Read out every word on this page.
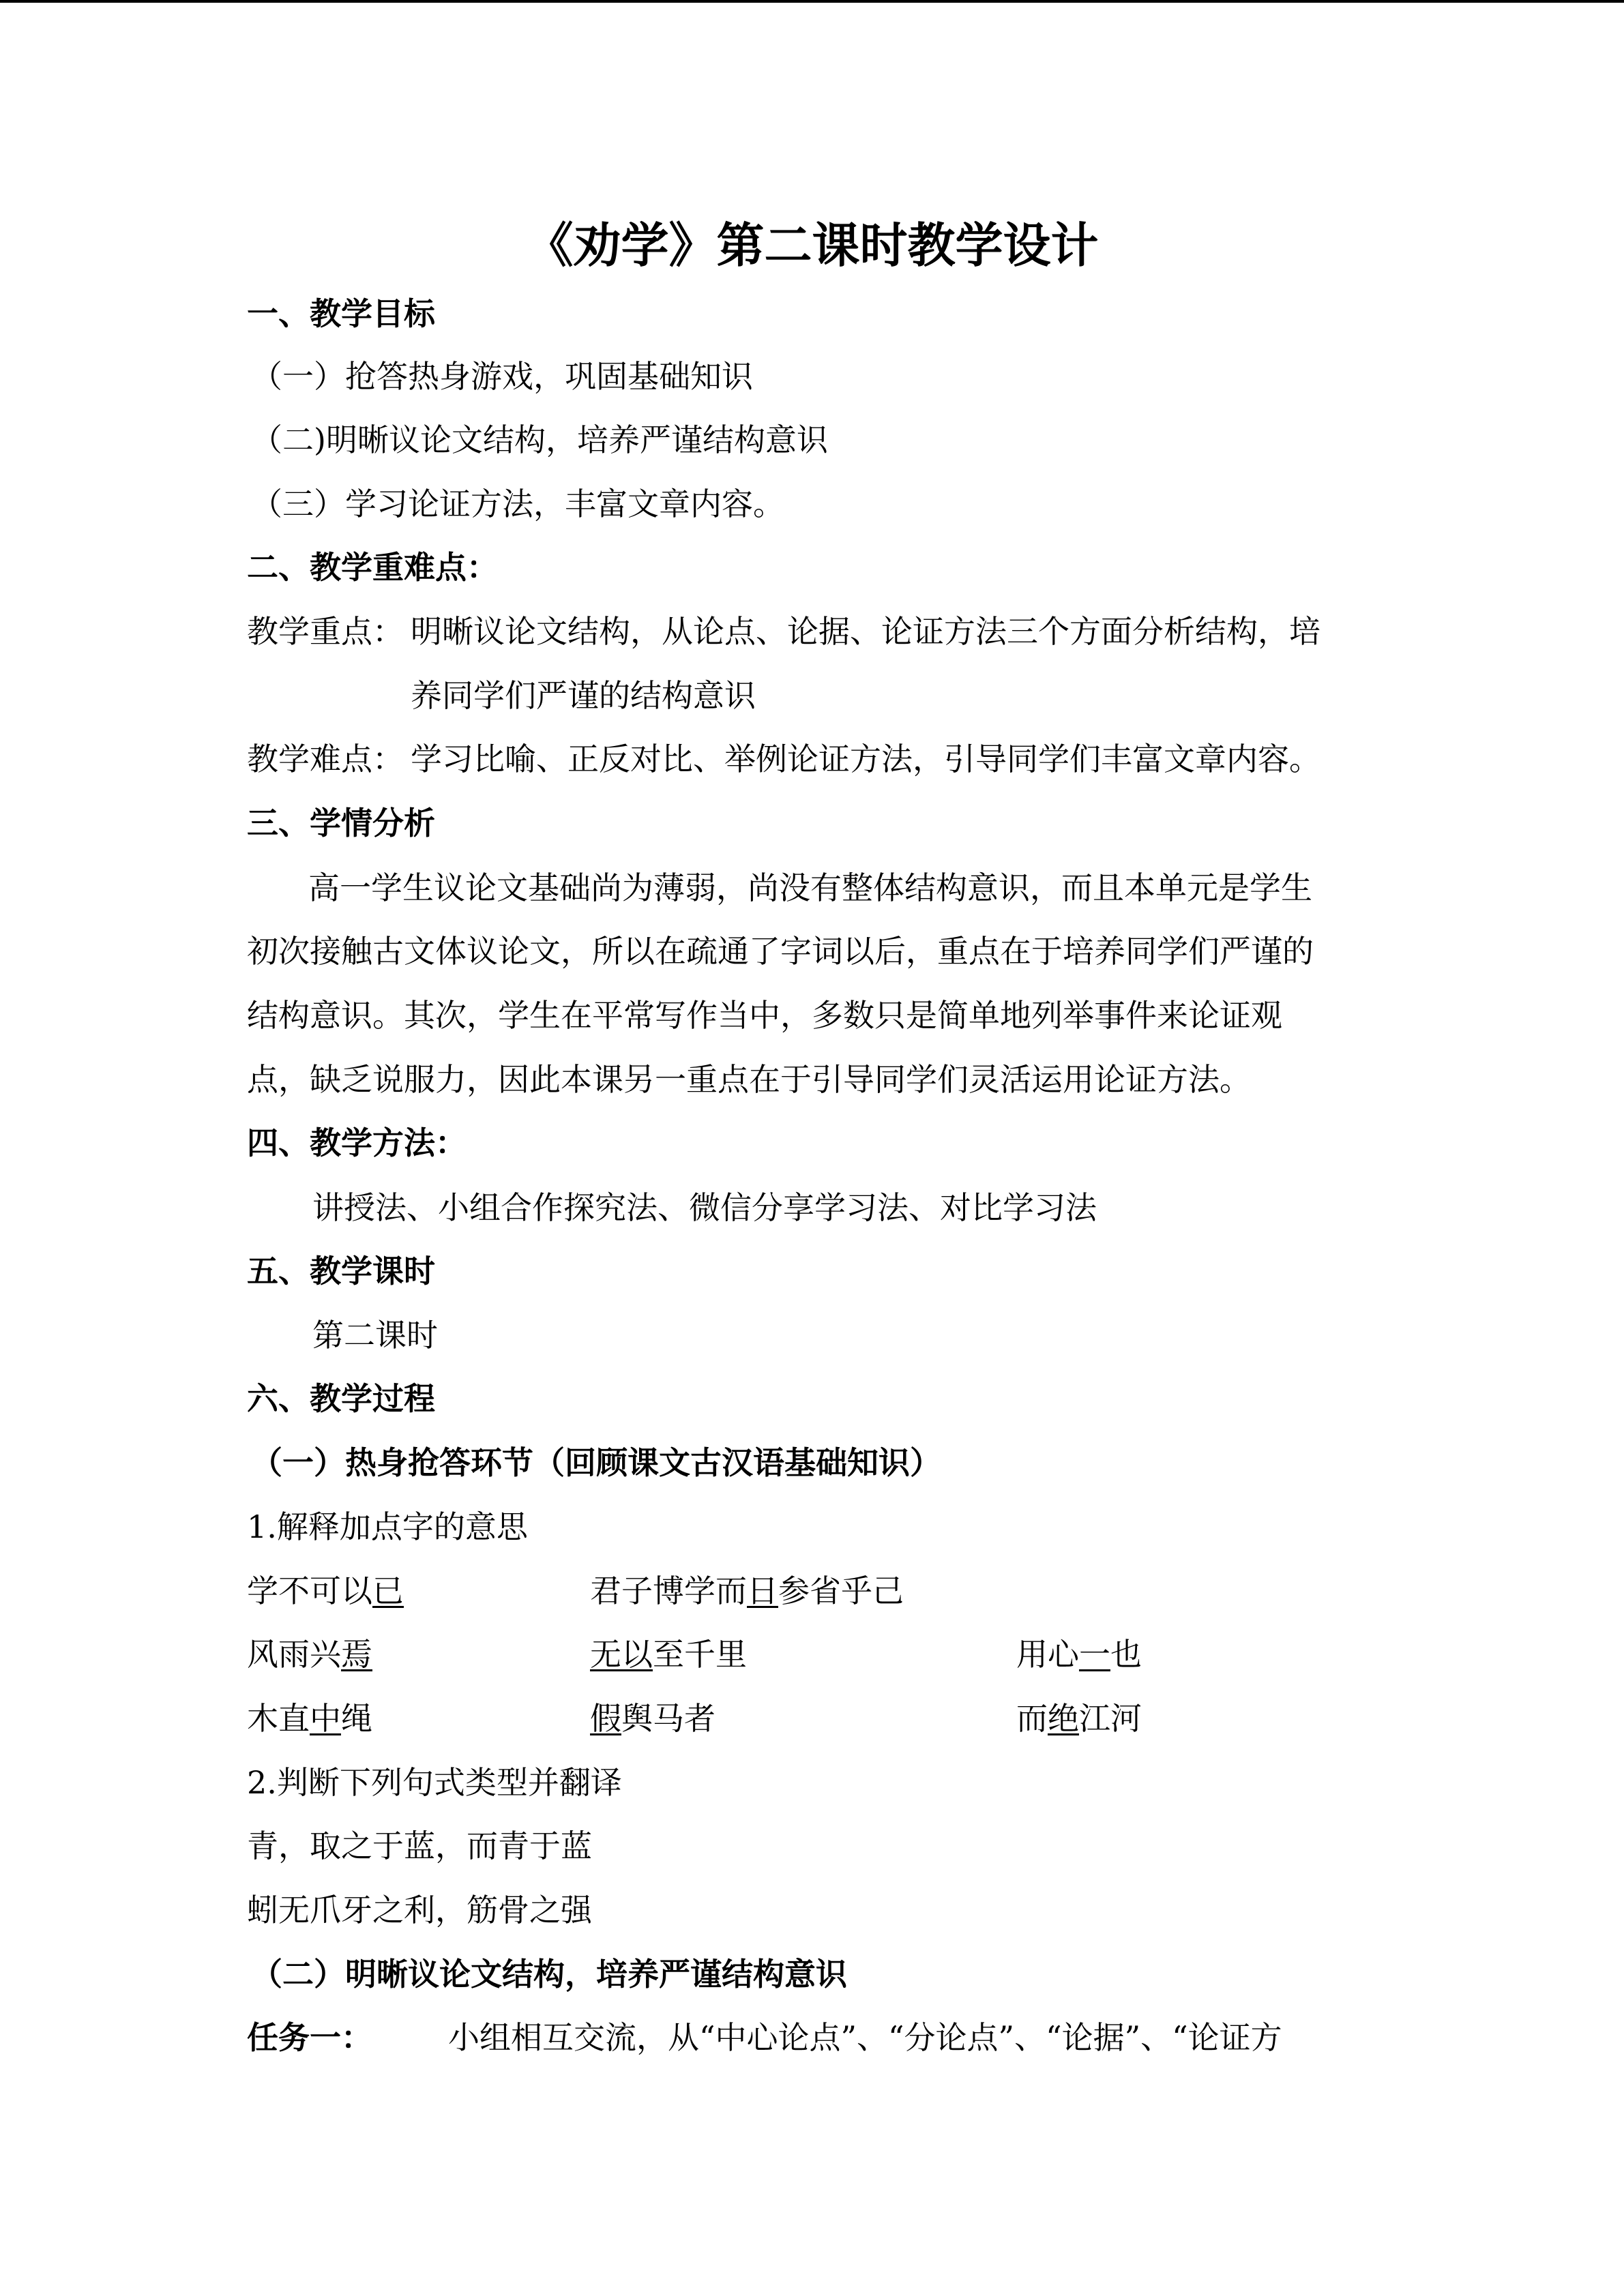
《劝学》第二课时教学设计
一、教学目标
（一）抢答热身游戏，巩固基础知识
（二)明晰议论文结构，培养严谨结构意识
（三）学习论证方法，丰富文章内容。
二、教学重难点：
教学重点： 明晰议论文结构，从论点、论据、论证方法三个方面分析结构，培
养同学们严谨的结构意识
教学难点： 学习比喻、正反对比、举例论证方法，引导同学们丰富文章内容。
三、学情分析
高一学生议论文基础尚为薄弱，尚没有整体结构意识，而且本单元是学生
初次接触古文体议论文，所以在疏通了字词以后，重点在于培养同学们严谨的
结构意识。其次，学生在平常写作当中，多数只是简单地列举事件来论证观
点，缺乏说服力，因此本课另一重点在于引导同学们灵活运用论证方法。
四、教学方法：
讲授法、小组合作探究法、微信分享学习法、对比学习法
五、教学课时
第二课时
六、教学过程
（一）热身抢答环节（回顾课文古汉语基础知识）
1.解释加点字的意思
学不可以已	君子博学而日参省乎己
风雨兴焉	无以至千里	用心一也
木直中绳	假舆马者	而绝江河
2.判断下列句式类型并翻译
青，取之于蓝，而青于蓝
蚓无爪牙之利，筋骨之强
（二）明晰议论文结构，培养严谨结构意识
任务一： 小组相互交流，从“中心论点”、“分论点”、“论据”、“论证方
